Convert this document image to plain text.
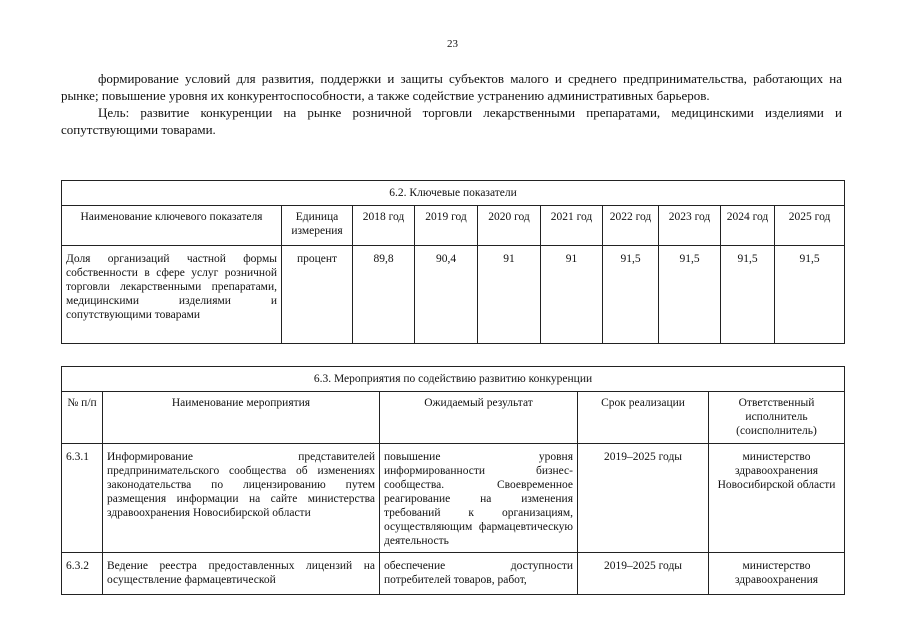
23

формирование условий для развития, поддержки и защиты субъектов малого и среднего предпринимательства, работающих на рынке; повышение уровня их конкурентоспособности, а также содействие устранению административных барьеров.

Цель: развитие конкуренции на рынке розничной торговли лекарственными препаратами, медицинскими изделиями и сопутствующими товарами.

6.2. Ключевые показатели									
Наименование ключевого показателя	Единица измерения	2018 год	2019 год	2020 год	2021 год	2022 год	2023 год	2024 год	2025 год
Доля организаций частной формы собственности в сфере услуг розничной торговли лекарственными препаратами, медицинскими изделиями и сопутствующими товарами	процент	89,8	90,4	91	91	91,5	91,5	91,5	91,5
6.3. Мероприятия по содействию развитию конкуренции				
№ п/п	Наименование мероприятия	Ожидаемый результат	Срок реализации	Ответственный исполнитель (соисполнитель)
6.3.1	Информирование представителей предпринимательского сообщества об изменениях законодательства по лицензированию путем размещения информации на сайте министерства здравоохранения Новосибирской области	повышение уровня информированности бизнес-сообщества. Своевременное реагирование на изменения требований к организациям, осуществляющим фармацевтическую деятельность	2019–2025 годы	министерство здравоохранения Новосибирской области
6.3.2	Ведение реестра предоставленных лицензий на осуществление фармацевтической	обеспечение доступности потребителей товаров, работ,	2019–2025 годы	министерство здравоохранения
